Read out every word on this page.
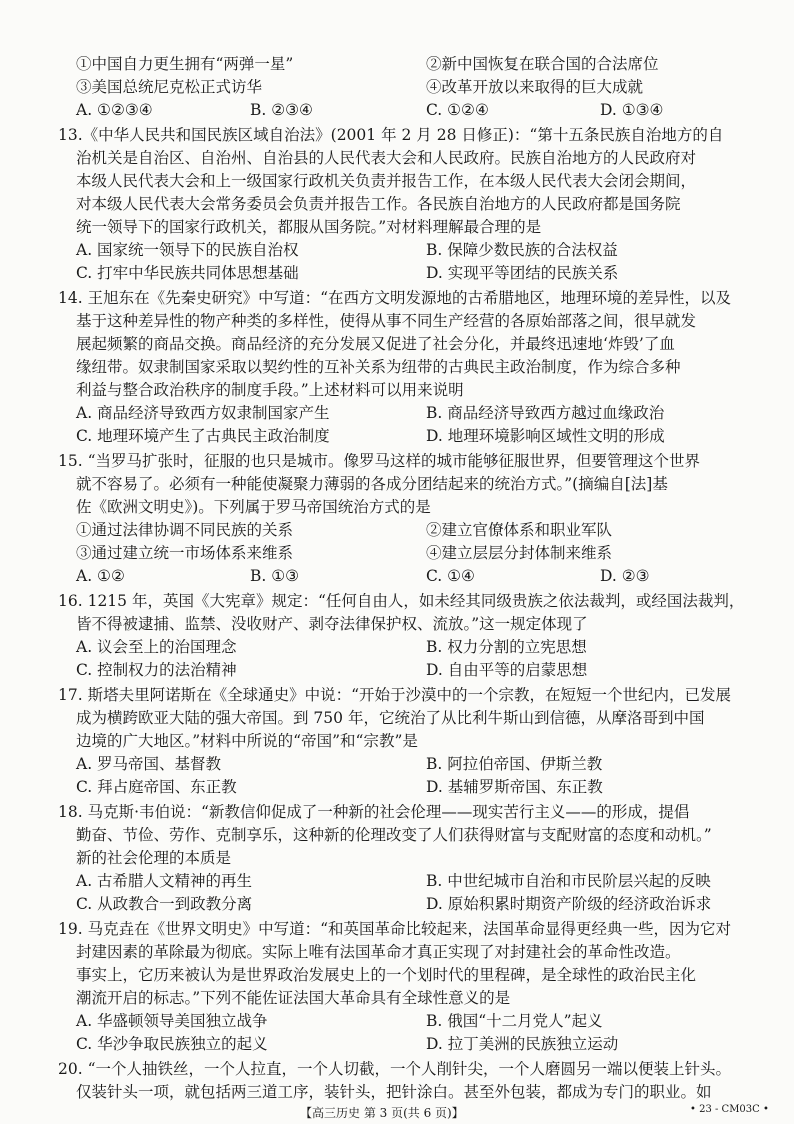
①中国自力更生拥有“两弹一星”	②新中国恢复在联合国的合法席位
③美国总统尼克松正式访华	④改革开放以来取得的巨大成就
A. ①②③④	B. ②③④	C. ①②④	D. ①③④
13.《中华人民共和国民族区域自治法》(2001 年 2 月 28 日修正)：“第十五条民族自治地方的自
治机关是自治区、自治州、自治县的人民代表大会和人民政府。民族自治地方的人民政府对
本级人民代表大会和上一级国家行政机关负责并报告工作，在本级人民代表大会闭会期间，
对本级人民代表大会常务委员会负责并报告工作。各民族自治地方的人民政府都是国务院
统一领导下的国家行政机关，都服从国务院。”对材料理解最合理的是
A. 国家统一领导下的民族自治权	B. 保障少数民族的合法权益
C. 打牢中华民族共同体思想基础	D. 实现平等团结的民族关系
14. 王旭东在《先秦史研究》中写道：“在西方文明发源地的古希腊地区，地理环境的差异性，以及
基于这种差异性的物产种类的多样性，使得从事不同生产经营的各原始部落之间，很早就发
展起频繁的商品交换。商品经济的充分发展又促进了社会分化，并最终迅速地‘炸毁’了血
缘纽带。奴隶制国家采取以契约性的互补关系为纽带的古典民主政治制度，作为综合多种
利益与整合政治秩序的制度手段。”上述材料可以用来说明
A. 商品经济导致西方奴隶制国家产生	B. 商品经济导致西方越过血缘政治
C. 地理环境产生了古典民主政治制度	D. 地理环境影响区域性文明的形成
15. “当罗马扩张时，征服的也只是城市。像罗马这样的城市能够征服世界，但要管理这个世界
就不容易了。必须有一种能使凝聚力薄弱的各成分团结起来的统治方式。”(摘编自[法]基
佐《欧洲文明史》)。下列属于罗马帝国统治方式的是
①通过法律协调不同民族的关系	②建立官僚体系和职业军队
③通过建立统一市场体系来维系	④建立层层分封体制来维系
A. ①②	B. ①③	C. ①④	D. ②③
16. 1215 年，英国《大宪章》规定：“任何自由人，如未经其同级贵族之依法裁判，或经国法裁判，
皆不得被逮捕、监禁、没收财产、剥夺法律保护权、流放。”这一规定体现了
A. 议会至上的治国理念	B. 权力分割的立宪思想
C. 控制权力的法治精神	D. 自由平等的启蒙思想
17. 斯塔夫里阿诺斯在《全球通史》中说：“开始于沙漠中的一个宗教，在短短一个世纪内，已发展
成为横跨欧亚大陆的强大帝国。到 750 年，它统治了从比利牛斯山到信德，从摩洛哥到中国
边境的广大地区。”材料中所说的“帝国”和“宗教”是
A. 罗马帝国、基督教	B. 阿拉伯帝国、伊斯兰教
C. 拜占庭帝国、东正教	D. 基辅罗斯帝国、东正教
18. 马克斯·韦伯说：“新教信仰促成了一种新的社会伦理——现实苦行主义——的形成，提倡
勤奋、节俭、劳作、克制享乐，这种新的伦理改变了人们获得财富与支配财富的态度和动机。”
新的社会伦理的本质是
A. 古希腊人文精神的再生	B. 中世纪城市自治和市民阶层兴起的反映
C. 从政教合一到政教分离	D. 原始积累时期资产阶级的经济政治诉求
19. 马克垚在《世界文明史》中写道：“和英国革命比较起来，法国革命显得更经典一些，因为它对
封建因素的革除最为彻底。实际上唯有法国革命才真正实现了对封建社会的革命性改造。
事实上，它历来被认为是世界政治发展史上的一个划时代的里程碑，是全球性的政治民主化
潮流开启的标志。”下列不能佐证法国大革命具有全球性意义的是
A. 华盛顿领导美国独立战争	B. 俄国“十二月党人”起义
C. 华沙争取民族独立的起义	D. 拉丁美洲的民族独立运动
20. “一个人抽铁丝，一个人拉直，一个人切截，一个人削针尖，一个人磨圆另一端以便装上针头。
仅装针头一项，就包括两三道工序，装针头，把针涂白。甚至外包装，都成为专门的职业。如
【高三历史 第 3 页(共 6 页)】	• 23 - CM03C •
